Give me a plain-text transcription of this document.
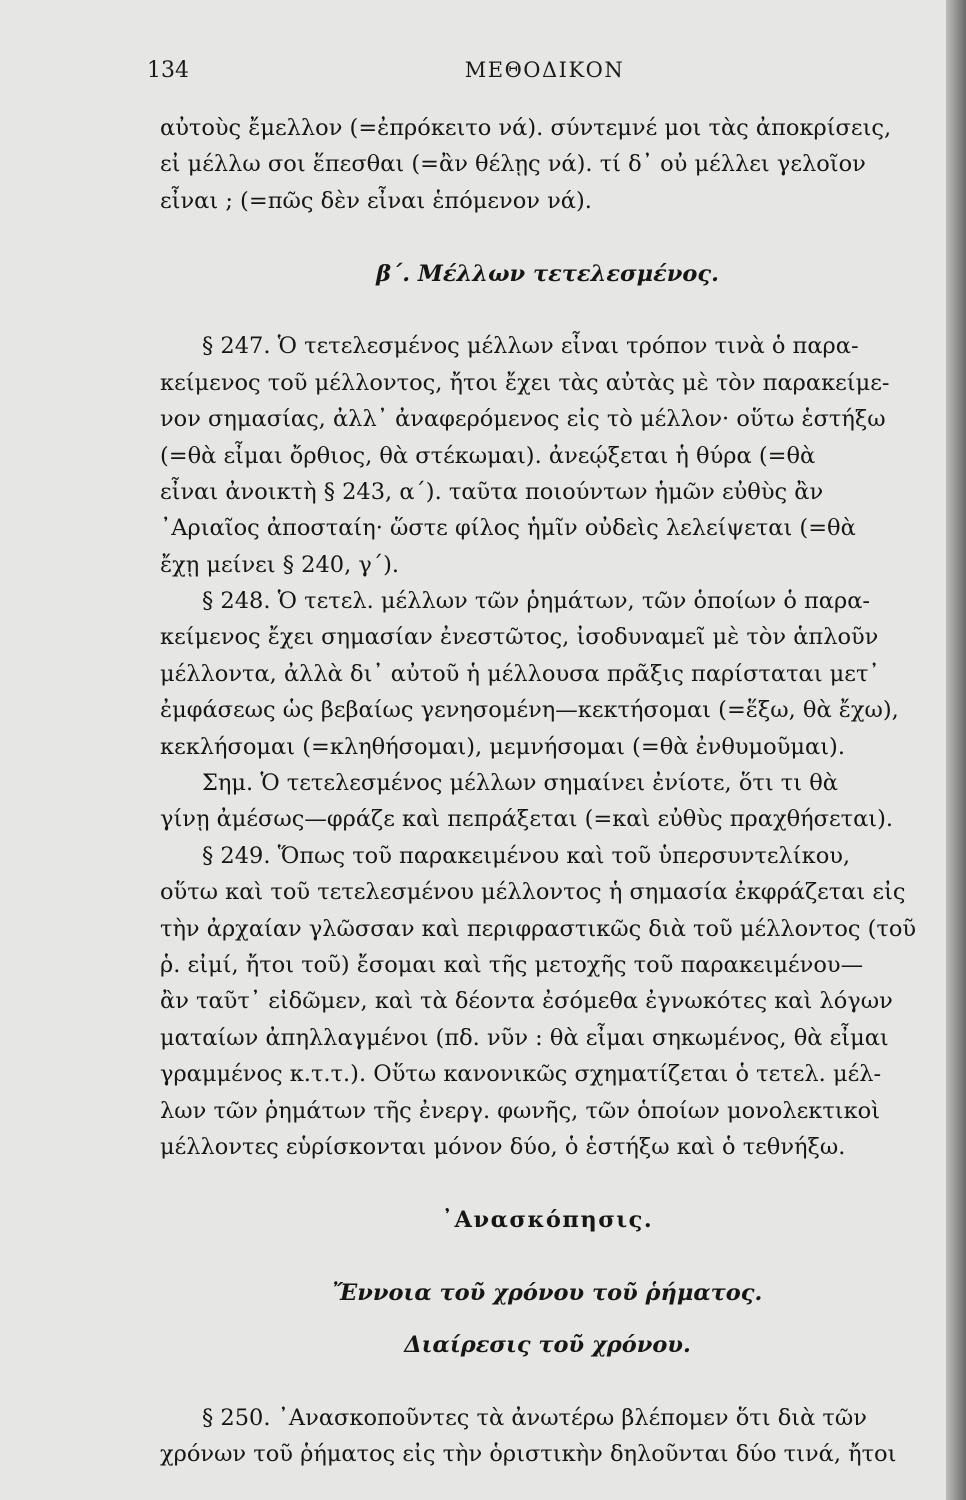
134	ΜΕΘΟΔΙΚΟΝ
αὐτοὺς ἔμελλον (=ἐπρόκειτο νά). σύντεμνέ μοι τὰς ἀποκρίσεις,
εἰ μέλλω σοι ἕπεσθαι (=ἂν θέλῃς νά). τί δ᾽ οὐ μέλλει γελοῖον
εἶναι ; (=πῶς δὲν εἶναι ἑπόμενον νά).
β΄. Μέλλων τετελεσμένος.
§ 247. Ὁ τετελεσμένος μέλλων εἶναι τρόπον τινὰ ὁ παρα-
κείμενος τοῦ μέλλοντος, ἤτοι ἔχει τὰς αὐτὰς μὲ τὸν παρακείμε-
νον σημασίας, ἀλλ᾽ ἀναφερόμενος εἰς τὸ μέλλον· οὕτω ἑστήξω
(=θὰ εἶμαι ὄρθιος, θὰ στέκωμαι). ἀνεῴξεται ἡ θύρα (=θὰ
εἶναι ἀνοικτὴ § 243, α΄). ταῦτα ποιούντων ἡμῶν εὐθὺς ἂν
᾽Αριαῖος ἀποσταίη· ὥστε φίλος ἡμῖν οὐδεὶς λελείψεται (=θὰ
ἔχῃ μείνει § 240, γ΄).
§ 248. Ὁ τετελ. μέλλων τῶν ῥημάτων, τῶν ὁποίων ὁ παρα-
κείμενος ἔχει σημασίαν ἐνεστῶτος, ἰσοδυναμεῖ μὲ τὸν ἁπλοῦν
μέλλοντα, ἀλλὰ δι᾽ αὐτοῦ ἡ μέλλουσα πρᾶξις παρίσταται μετ᾽
ἐμφάσεως ὡς βεβαίως γενησομένη—κεκτήσομαι (=ἕξω, θὰ ἔχω),
κεκλήσομαι (=κληθήσομαι), μεμνήσομαι (=θὰ ἐνθυμοῦμαι).
Σημ. Ὁ τετελεσμένος μέλλων σημαίνει ἐνίοτε, ὅτι τι θὰ
γίνῃ ἀμέσως—φράζε καὶ πεπράξεται (=καὶ εὐθὺς πραχθήσεται).
§ 249. Ὅπως τοῦ παρακειμένου καὶ τοῦ ὑπερσυντελίκου,
οὕτω καὶ τοῦ τετελεσμένου μέλλοντος ἡ σημασία ἐκφράζεται εἰς
τὴν ἀρχαίαν γλῶσσαν καὶ περιφραστικῶς διὰ τοῦ μέλλοντος (τοῦ
ῥ. εἰμί, ἤτοι τοῦ) ἔσομαι καὶ τῆς μετοχῆς τοῦ παρακειμένου—
ἂν ταῦτ᾽ εἰδῶμεν, καὶ τὰ δέοντα ἐσόμεθα ἐγνωκότες καὶ λόγων
ματαίων ἀπηλλαγμένοι (πδ. νῦν : θὰ εἶμαι σηκωμένος, θὰ εἶμαι
γραμμένος κ.τ.τ.). Οὕτω κανονικῶς σχηματίζεται ὁ τετελ. μέλ-
λων τῶν ῥημάτων τῆς ἐνεργ. φωνῆς, τῶν ὁποίων μονολεκτικοὶ
μέλλοντες εὑρίσκονται μόνον δύο, ὁ ἑστήξω καὶ ὁ τεθνήξω.
᾽Ανασκόπησις.
Ἔννοια τοῦ χρόνου τοῦ ῥήματος.
Διαίρεσις τοῦ χρόνου.
§ 250. ᾽Ανασκοποῦντες τὰ ἀνωτέρω βλέπομεν ὅτι διὰ τῶν
χρόνων τοῦ ῥήματος εἰς τὴν ὁριστικὴν δηλοῦνται δύο τινά, ἤτοι
